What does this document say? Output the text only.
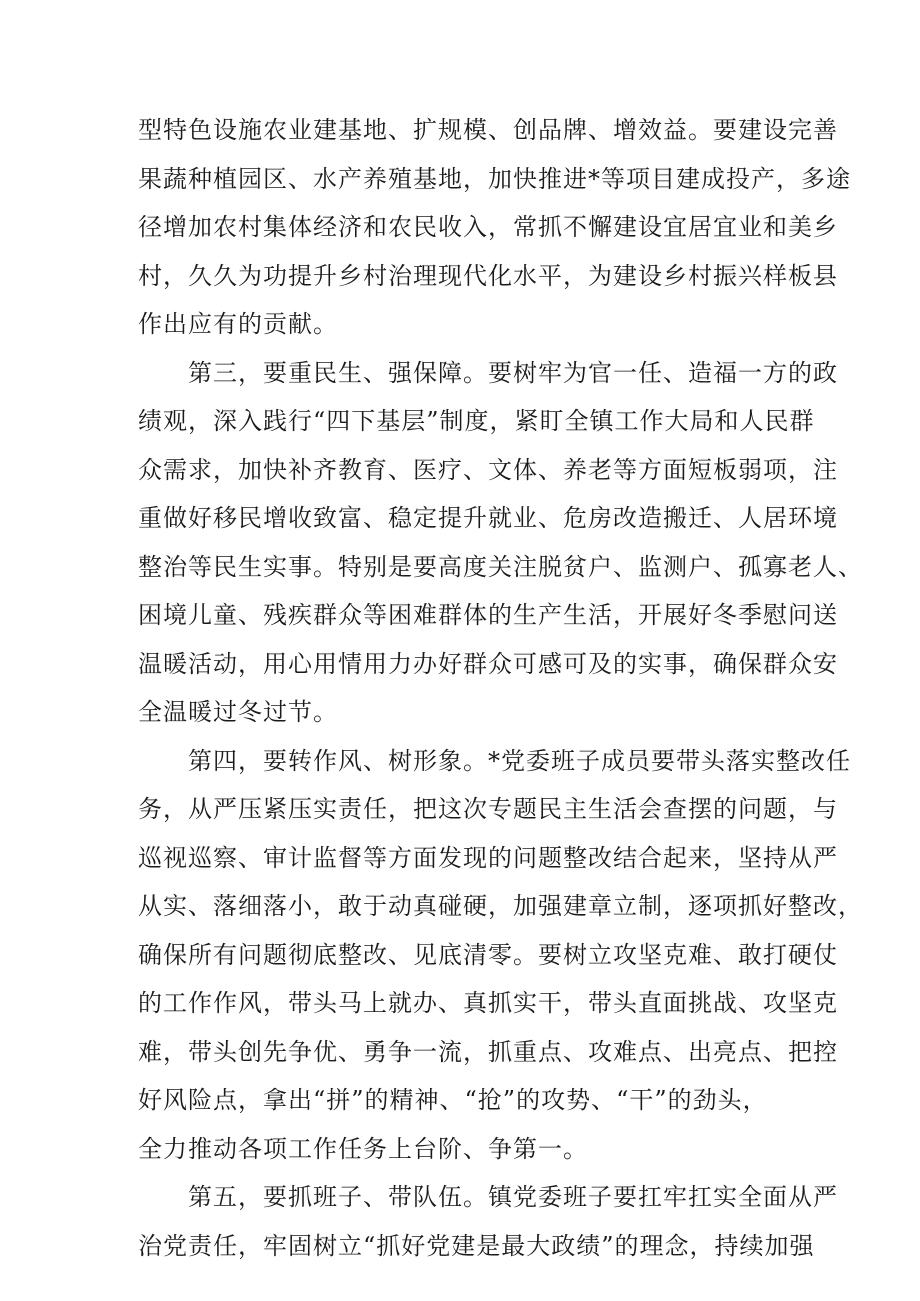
型特色设施农业建基地、扩规模、创品牌、增效益。要建设完善
果蔬种植园区、水产养殖基地，加快推进*等项目建成投产，多途
径增加农村集体经济和农民收入，常抓不懈建设宜居宜业和美乡
村，久久为功提升乡村治理现代化水平，为建设乡村振兴样板县
作出应有的贡献。
第三，要重民生、强保障。要树牢为官一任、造福一方的政
绩观，深入践行“四下基层”制度，紧盯全镇工作大局和人民群
众需求，加快补齐教育、医疗、文体、养老等方面短板弱项，注
重做好移民增收致富、稳定提升就业、危房改造搬迁、人居环境
整治等民生实事。特别是要高度关注脱贫户、监测户、孤寡老人、
困境儿童、残疾群众等困难群体的生产生活，开展好冬季慰问送
温暖活动，用心用情用力办好群众可感可及的实事，确保群众安
全温暖过冬过节。
第四，要转作风、树形象。*党委班子成员要带头落实整改任
务，从严压紧压实责任，把这次专题民主生活会查摆的问题，与
巡视巡察、审计监督等方面发现的问题整改结合起来，坚持从严
从实、落细落小，敢于动真碰硬，加强建章立制，逐项抓好整改，
确保所有问题彻底整改、见底清零。要树立攻坚克难、敢打硬仗
的工作作风，带头马上就办、真抓实干，带头直面挑战、攻坚克
难，带头创先争优、勇争一流，抓重点、攻难点、出亮点、把控
好风险点，拿出“拼”的精神、“抢”的攻势、“干”的劲头，
全力推动各项工作任务上台阶、争第一。
第五，要抓班子、带队伍。镇党委班子要扛牢扛实全面从严
治党责任，牢固树立“抓好党建是最大政绩”的理念，持续加强
